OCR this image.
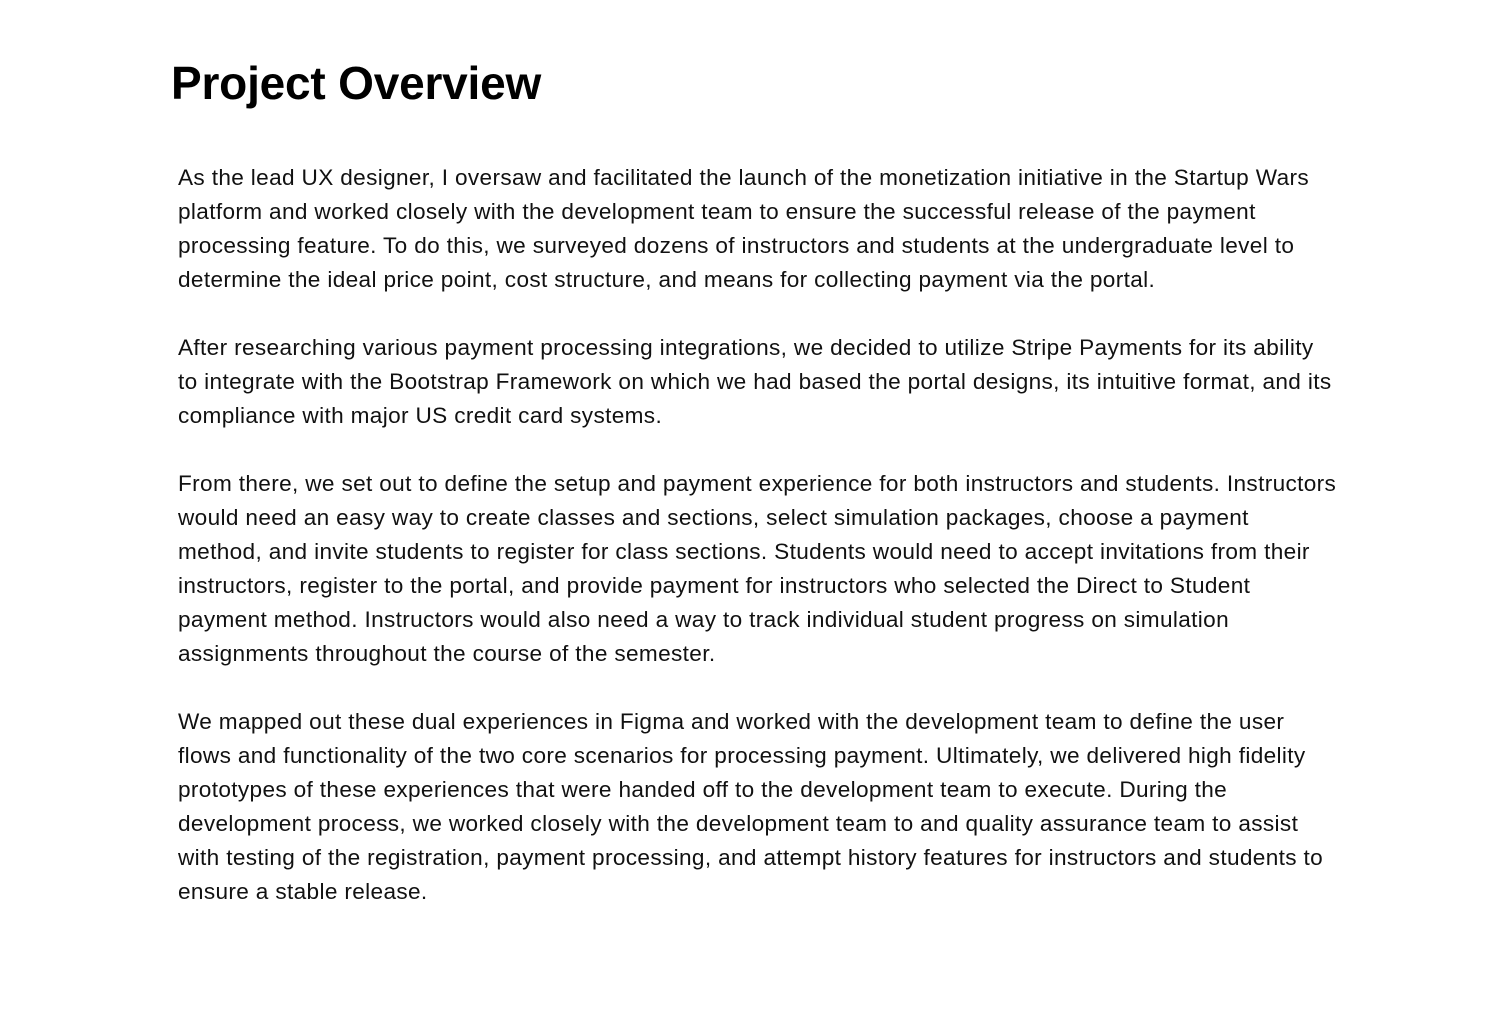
Project Overview

As the lead UX designer, I oversaw and facilitated the launch of the monetization initiative in the Startup Wars platform and worked closely with the development team to ensure the successful release of the payment processing feature. To do this, we surveyed dozens of instructors and students at the undergraduate level to determine the ideal price point, cost structure, and means for collecting payment via the portal.

After researching various payment processing integrations, we decided to utilize Stripe Payments for its ability to integrate with the Bootstrap Framework on which we had based the portal designs, its intuitive format, and its compliance with major US credit card systems.

From there, we set out to define the setup and payment experience for both instructors and students. Instructors would need an easy way to create classes and sections, select simulation packages, choose a payment method, and invite students to register for class sections. Students would need to accept invitations from their instructors, register to the portal, and provide payment for instructors who selected the Direct to Student payment method. Instructors would also need a way to track individual student progress on simulation assignments throughout the course of the semester.

We mapped out these dual experiences in Figma and worked with the development team to define the user flows and functionality of the two core scenarios for processing payment. Ultimately, we delivered high fidelity prototypes of these experiences that were handed off to the development team to execute. During the development process, we worked closely with the development team to and quality assurance team to assist with testing of the registration, payment processing, and attempt history features for instructors and students to ensure a stable release.
